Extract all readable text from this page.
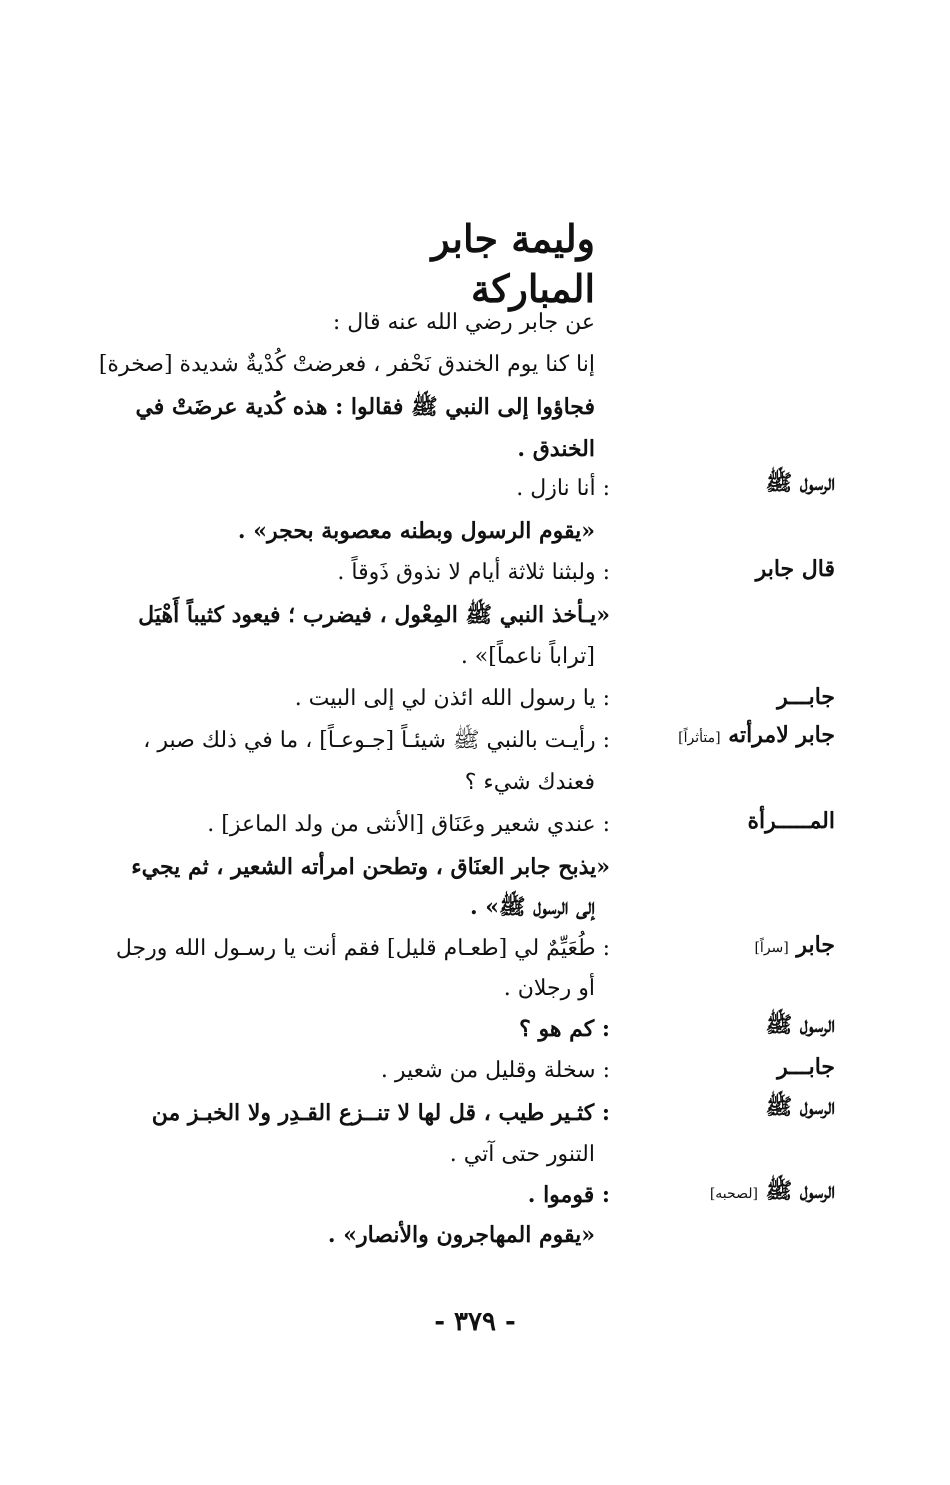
وليمة جابر المباركة
عن جابر رضي الله عنه قال :
إنا كنا يوم الخندق نَحْفر ، فعرضتْ كُدْيةٌ شديدة [صخرة]
فجاؤوا إلى النبي ﷺ فقالوا : هذه كُدية عرضَتْ في
الخندق .
الرسول ﷺ
: أنا نازل .
«يقوم الرسول وبطنه معصوبة بحجر» .
قال جابر
: ولبثنا ثلاثة أيام لا نذوق ذَوقاً .
«يـأخذ النبي ﷺ المِعْول ، فيضرب ؛ فيعود كثيباً أَهْيَل
[تراباً ناعماً]» .
جابـــر
: يا رسول الله ائذن لي إلى البيت .
جابر لامرأته [متأثراً]
: رأيـت بالنبي ﷺ شيئـاً [جـوعـاً] ، ما في ذلك صبر ،
فعندك شيء ؟
المـــــرأة
: عندي شعير وعَنَاق [الأنثى من ولد الماعز] .
«يذبح جابر العنَاق ، وتطحن امرأته الشعير ، ثم يجيء
إلى الرسول ﷺ» .
جابر [سراً]
: طُعَيِّمٌ لي [طعـام قليل] فقم أنت يا رسـول الله ورجل
أو رجلان .
الرسول ﷺ
: كم هو ؟
جابـــر
: سخلة وقليل من شعير .
الرسول ﷺ
: كثـير طيب ، قل لها لا تنــزع القـدِر ولا الخبـز من
التنور حتى آتي .
الرسول ﷺ [لصحبه]
: قوموا .
«يقوم المهاجرون والأنصار» .
- ٣٧٩ -
